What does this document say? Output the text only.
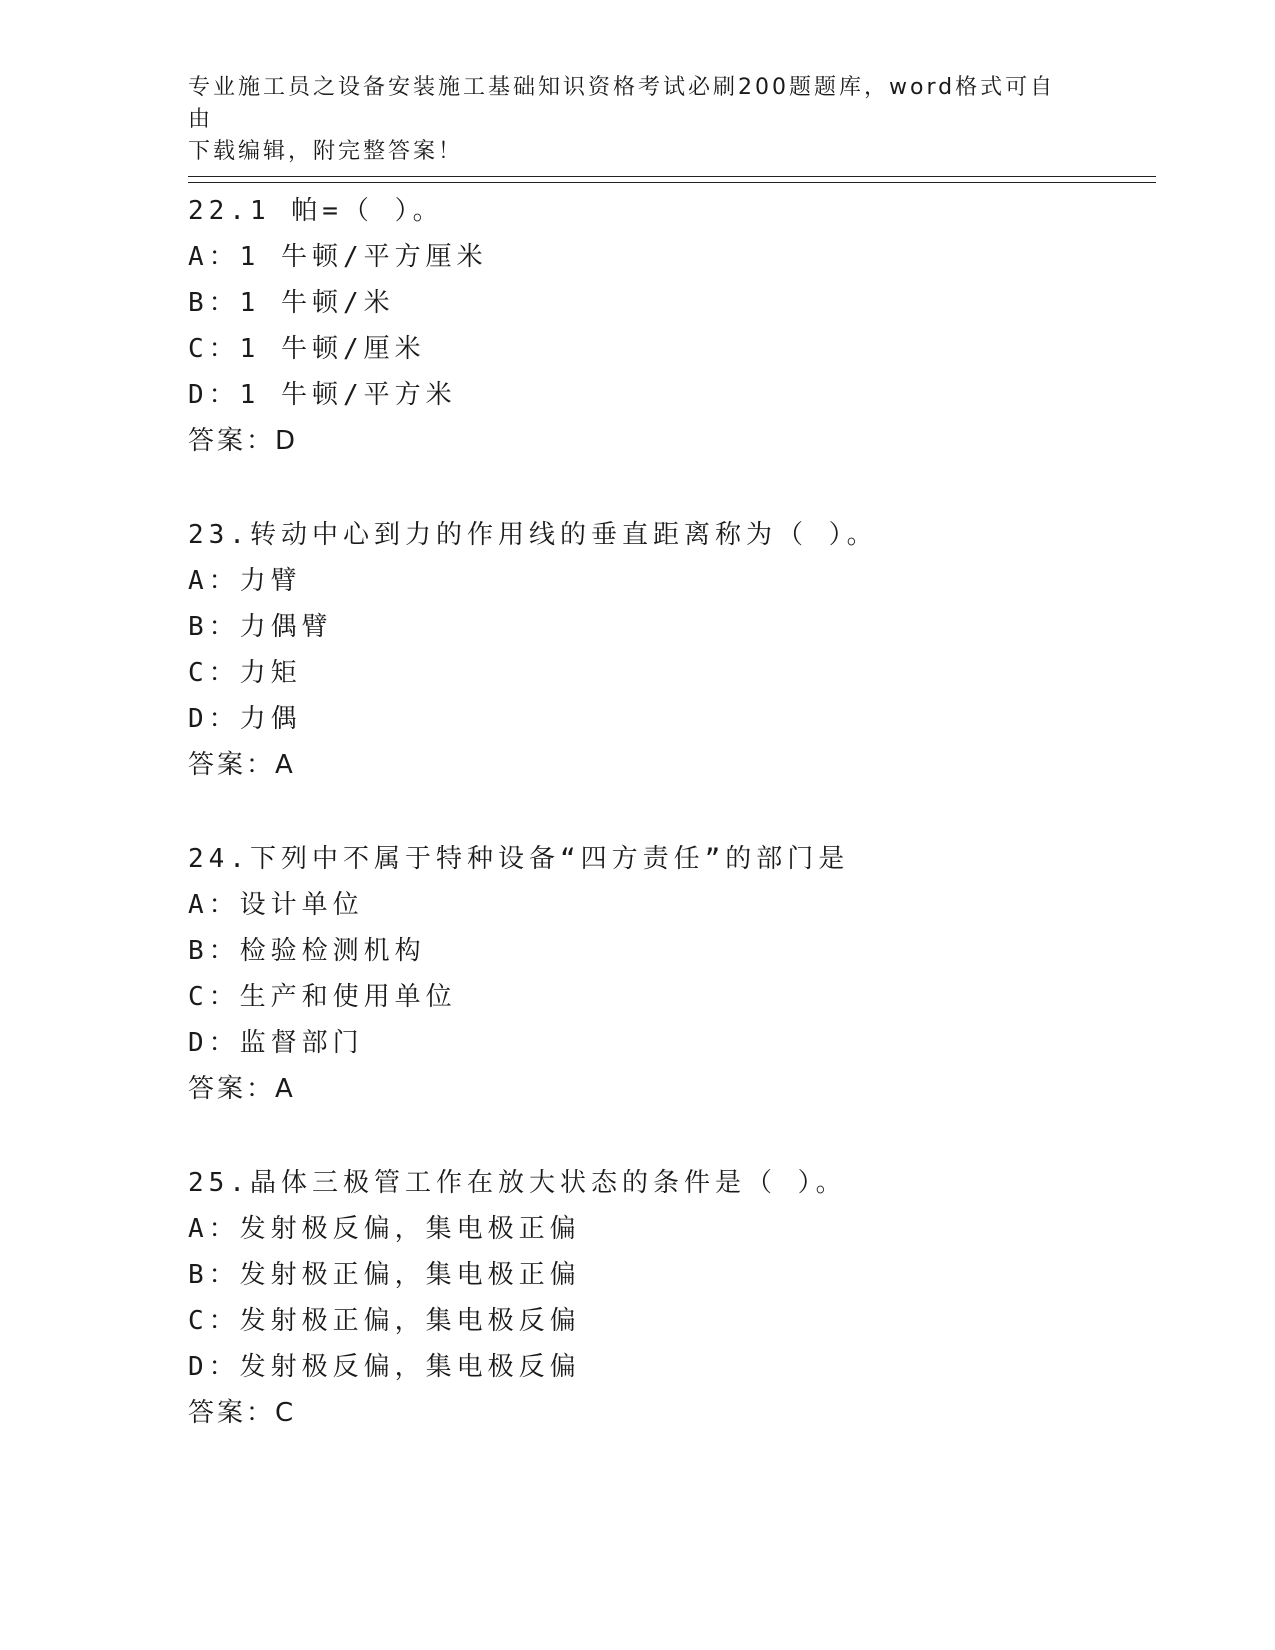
专业施工员之设备安装施工基础知识资格考试必刷200题题库，word格式可自由
下载编辑，附完整答案！
22.1 帕=（ ）。
A：1 牛顿/平方厘米
B：1 牛顿/米
C：1 牛顿/厘米
D：1 牛顿/平方米
答案：D
23.转动中心到力的作用线的垂直距离称为（ ）。
A：力臂
B：力偶臂
C：力矩
D：力偶
答案：A
24.下列中不属于特种设备“四方责任”的部门是
A：设计单位
B：检验检测机构
C：生产和使用单位
D：监督部门
答案：A
25.晶体三极管工作在放大状态的条件是（ ）。
A：发射极反偏，集电极正偏
B：发射极正偏，集电极正偏
C：发射极正偏，集电极反偏
D：发射极反偏，集电极反偏
答案：C
